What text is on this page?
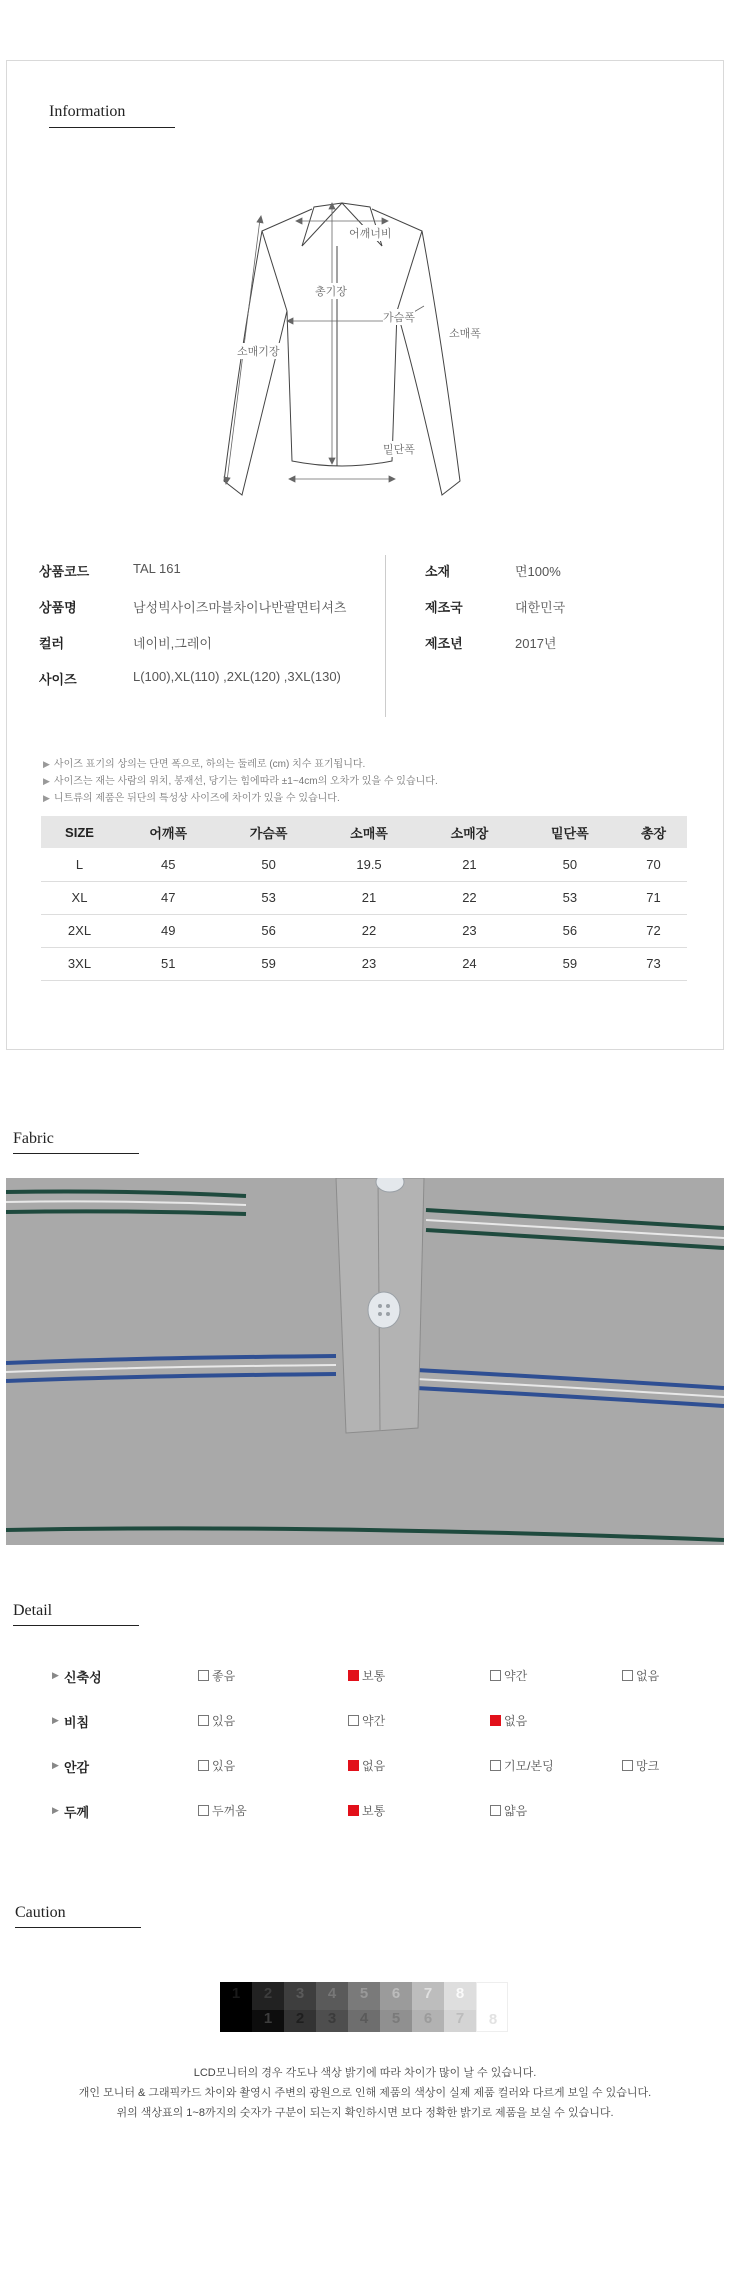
Information
어깨너비
총기장
가슴폭
소매기장
소매폭
밑단폭
상품코드	TAL 161
상품명	남성빅사이즈마블차이나반팔면티셔츠
컬러	네이비,그레이
사이즈	L(100),XL(110) ,2XL(120) ,3XL(130)
소재	면100%
제조국	대한민국
제조년	2017년
▶ 사이즈 표기의 상의는 단면 폭으로, 하의는 둘레로 (cm) 치수 표기됩니다.
▶ 사이즈는 재는 사람의 위치, 봉재선, 당기는 힘에따라 ±1~4cm의 오차가 있을 수 있습니다.
▶ 니트류의 제품은 뒤단의 특성상 사이즈에 차이가 있을 수 있습니다.
SIZE	어깨폭	가슴폭	소매폭	소매장	밑단폭	총장
L	45	50	19.5	21	50	70
XL	47	53	21	22	53	71
2XL	49	56	22	23	56	72
3XL	51	59	23	24	59	73
Fabric
Detail
▶ 신축성	좋음	보통	약간	없음
▶ 비침	있음	약간	없음
▶ 안감	있음	없음	기모/본딩	망크
▶ 두께	두꺼움	보통	얇음
Caution
1	2
1
3
2
4
3
5
4
6
5
7
6
8
7	8
LCD모니터의 경우 각도나 색상 밝기에 따라 차이가 많이 날 수 있습니다.
개인 모니터 & 그래픽카드 차이와 촬영시 주변의 광원으로 인해 제품의 색상이 실제 제품 컬러와 다르게 보일 수 있습니다.
위의 색상표의 1~8까지의 숫자가 구분이 되는지 확인하시면 보다 정확한 밝기로 제품을 보실 수 있습니다.
